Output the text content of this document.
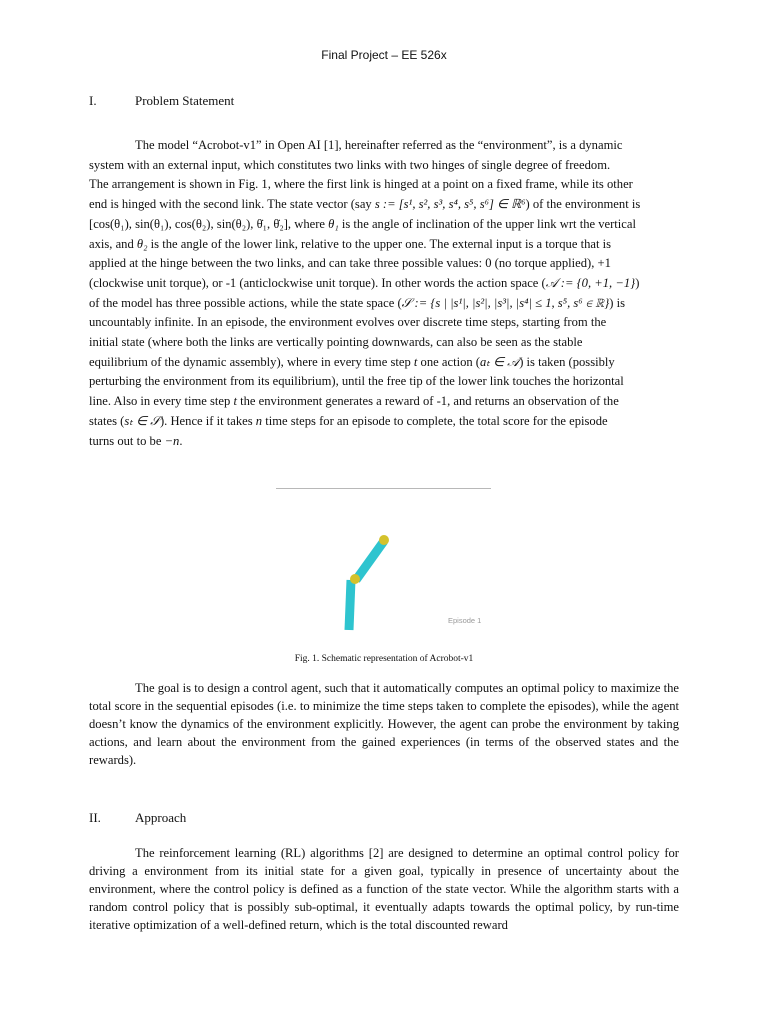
Final Project – EE 526x
I.	Problem Statement
The model “Acrobot-v1” in Open AI [1], hereinafter referred as the “environment”, is a dynamic
system with an external input, which constitutes two links with two hinges of single degree of freedom.
The arrangement is shown in Fig. 1, where the first link is hinged at a point on a fixed frame, while its other
end is hinged with the second link. The state vector (say s := [s¹, s², s³, s⁴, s⁵, s⁶] ∈ ℝ⁶) of the environment is
[cos(θ₁), sin(θ₁), cos(θ₂), sin(θ₂), θ̇₁, θ̇₂], where θ₁ is the angle of inclination of the upper link wrt the vertical
axis, and θ₂ is the angle of the lower link, relative to the upper one. The external input is a torque that is
applied at the hinge between the two links, and can take three possible values: 0 (no torque applied), +1
(clockwise unit torque), or -1 (anticlockwise unit torque). In other words the action space (𝒜 := {0, +1, −1})
of the model has three possible actions, while the state space (𝒮 := {s | |s¹|, |s²|, |s³|, |s⁴| ≤ 1, s⁵, s⁶ ∈ ℝ}) is
uncountably infinite. In an episode, the environment evolves over discrete time steps, starting from the
initial state (where both the links are vertically pointing downwards, can also be seen as the stable
equilibrium of the dynamic assembly), where in every time step t one action (aₜ ∈ 𝒜) is taken (possibly
perturbing the environment from its equilibrium), until the free tip of the lower link touches the horizontal
line. Also in every time step t the environment generates a reward of -1, and returns an observation of the
states (sₜ ∈ 𝒮). Hence if it takes n time steps for an episode to complete, the total score for the episode
turns out to be −n.
Episode 1
Fig. 1. Schematic representation of Acrobot-v1

The goal is to design a control agent, such that it automatically computes an optimal policy to maximize the total score in the sequential episodes (i.e. to minimize the time steps taken to complete the episodes), while the agent doesn’t know the dynamics of the environment explicitly. However, the agent can probe the environment by taking actions, and learn about the environment from the gained experiences (in terms of the observed states and the rewards).

II.	Approach

The reinforcement learning (RL) algorithms [2] are designed to determine an optimal control policy for driving a environment from its initial state for a given goal, typically in presence of uncertainty about the environment, where the control policy is defined as a function of the state vector. While the algorithm starts with a random control policy that is possibly sub-optimal, it eventually adapts towards the optimal policy, by run-time iterative optimization of a well-defined return, which is the total discounted reward
